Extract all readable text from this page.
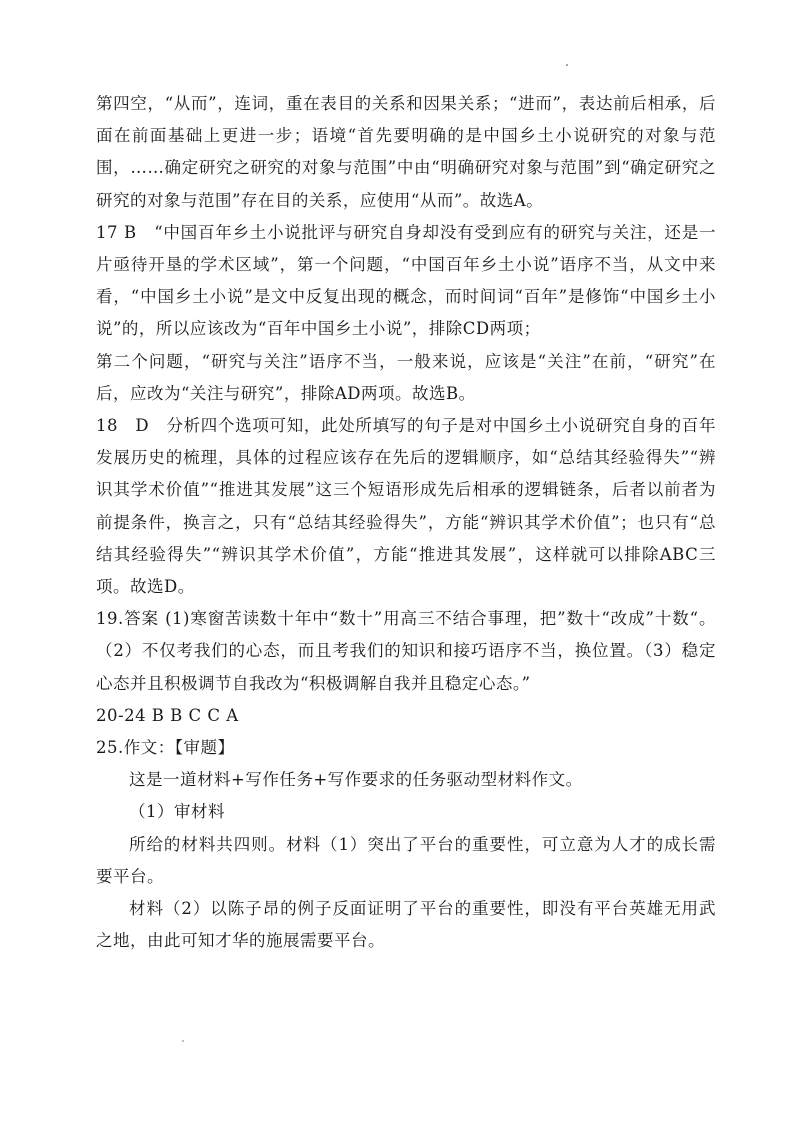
第四空，“从而”，连词，重在表目的关系和因果关系；“进而”，表达前后相承，后面在前面基础上更进一步；语境“首先要明确的是中国乡土小说研究的对象与范围，……确定研究之研究的对象与范围”中由“明确研究对象与范围”到“确定研究之研究的对象与范围”存在目的关系，应使用“从而”。故选A。

17 B　“中国百年乡土小说批评与研究自身却没有受到应有的研究与关注，还是一片亟待开垦的学术区域”，第一个问题，“中国百年乡土小说”语序不当，从文中来看，“中国乡土小说”是文中反复出现的概念，而时间词“百年”是修饰“中国乡土小说”的，所以应该改为“百年中国乡土小说”，排除CD两项；

第二个问题，“研究与关注”语序不当，一般来说，应该是“关注”在前，“研究”在后，应改为“关注与研究”，排除AD两项。故选B。

18　D　分析四个选项可知，此处所填写的句子是对中国乡土小说研究自身的百年发展历史的梳理，具体的过程应该存在先后的逻辑顺序，如“总结其经验得失”“辨识其学术价值”“推进其发展”这三个短语形成先后相承的逻辑链条，后者以前者为前提条件，换言之，只有“总结其经验得失”，方能“辨识其学术价值”；也只有“总结其经验得失”“辨识其学术价值”，方能“推进其发展”，这样就可以排除ABC三项。故选D。

19.答案 (1)寒窗苦读数十年中“数十”用高三不结合事理，把”数十“改成”十数“。（2）不仅考我们的心态，而且考我们的知识和接巧语序不当，换位置。（3）稳定心态并且积极调节自我改为“积极调解自我并且稳定心态。”

20-24 B B C C A

25.作文：【审题】

这是一道材料+写作任务+写作要求的任务驱动型材料作文。

（1）审材料

所给的材料共四则。材料（1）突出了平台的重要性，可立意为人才的成长需要平台。

材料（2）以陈子昂的例子反面证明了平台的重要性，即没有平台英雄无用武之地，由此可知才华的施展需要平台。
